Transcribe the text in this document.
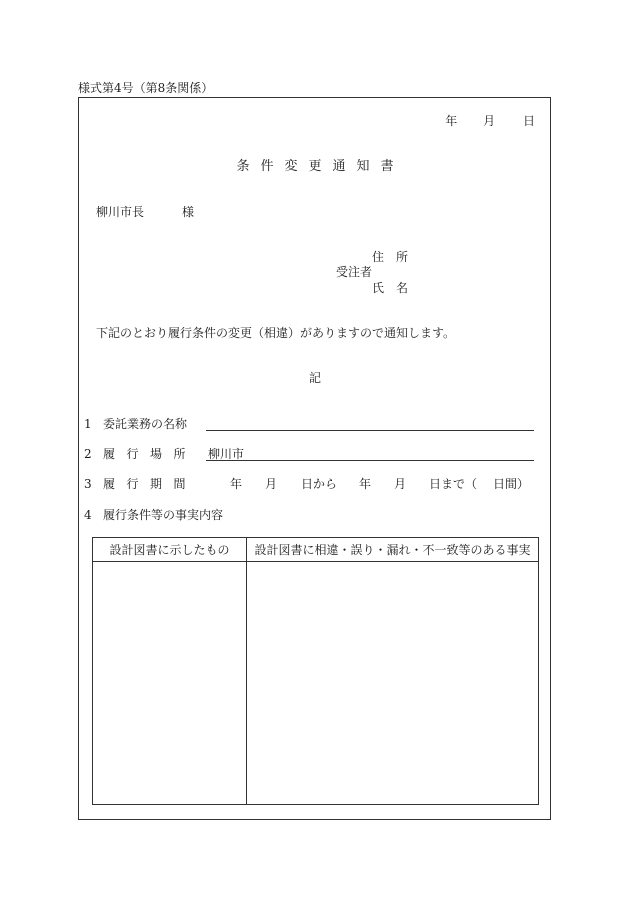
様式第4号（第8条関係）
年 月 日
条件変更通知書
柳川市長	様
住所
受注者
氏名
下記のとおり履行条件の変更（相違）がありますので通知します。
記
1 委託業務の名称
2 履行場所 柳川市
3 履行期間	年 月 日から 年 月 日まで（ 日間）
4 履行条件等の事実内容
設計図書に示したもの	設計図書に相違・誤り・漏れ・不一致等のある事実
